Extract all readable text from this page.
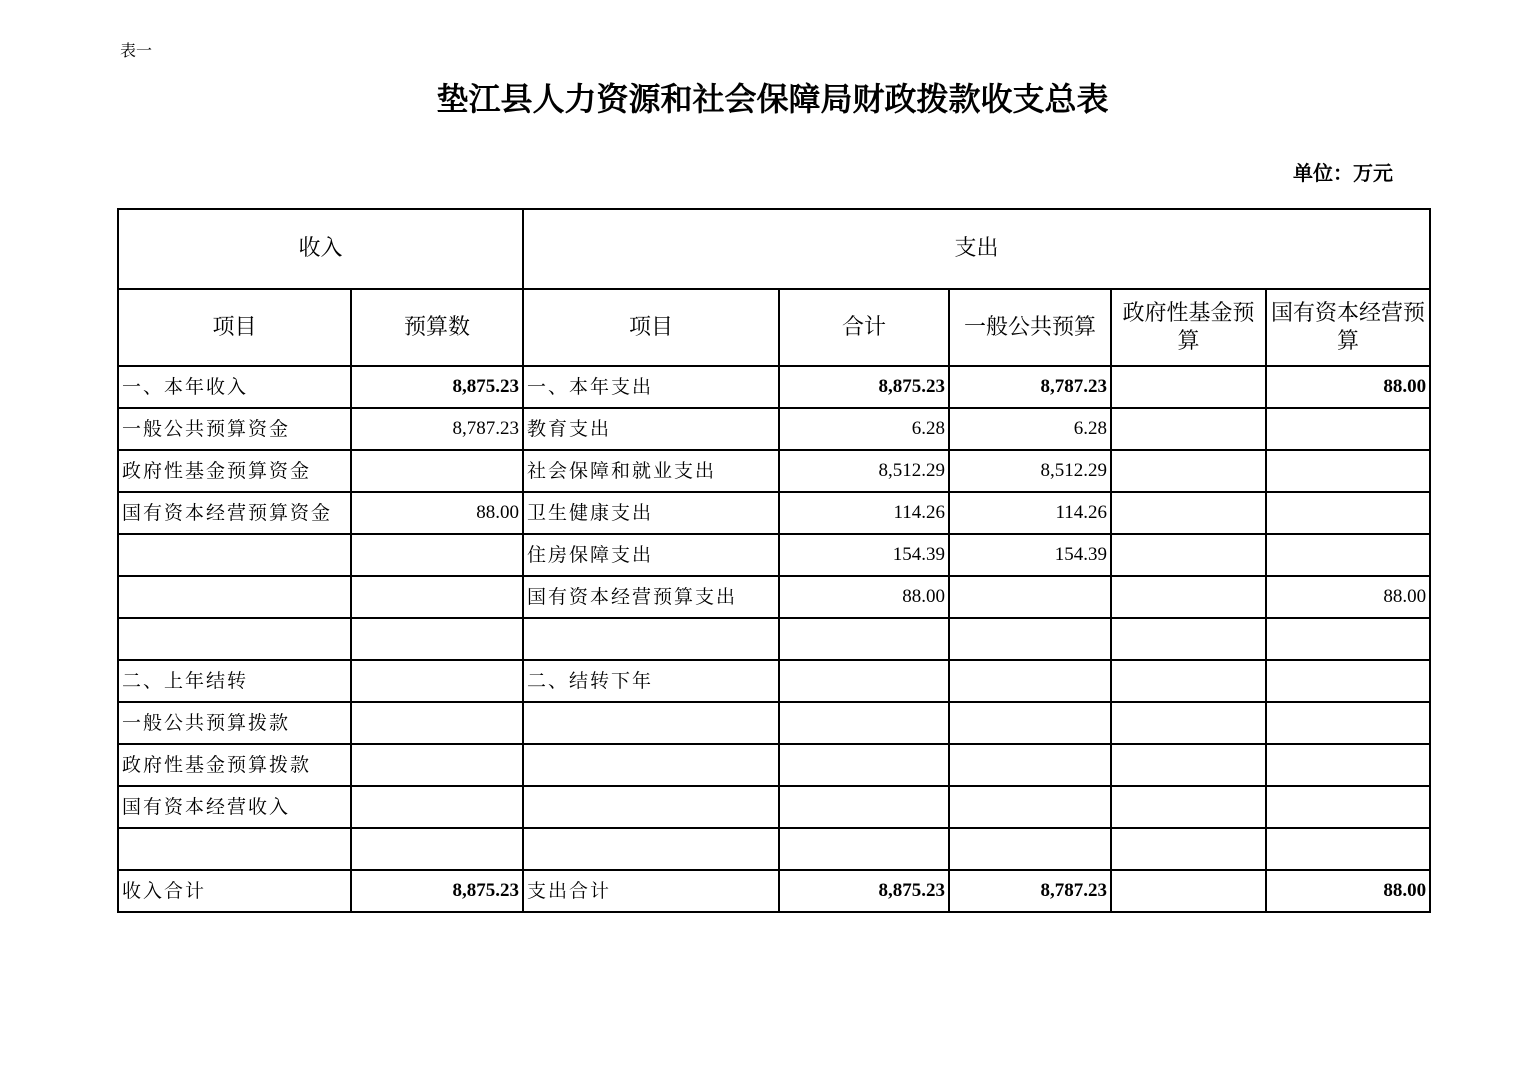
表一
垫江县人力资源和社会保障局财政拨款收支总表
单位：万元
收入		支出				
项目	预算数	项目	合计	一般公共预算	政府性基金预算	国有资本经营预算
一、本年收入	8,875.23	一、本年支出	8,875.23	8,787.23		88.00
一般公共预算资金	8,787.23	教育支出	6.28	6.28		
政府性基金预算资金		社会保障和就业支出	8,512.29	8,512.29		
国有资本经营预算资金	88.00	卫生健康支出	114.26	114.26		
		住房保障支出	154.39	154.39		
		国有资本经营预算支出	88.00			88.00

二、上年结转		二、结转下年				
一般公共预算拨款						
政府性基金预算拨款						
国有资本经营收入						

收入合计	8,875.23	支出合计	8,875.23	8,787.23		88.00
